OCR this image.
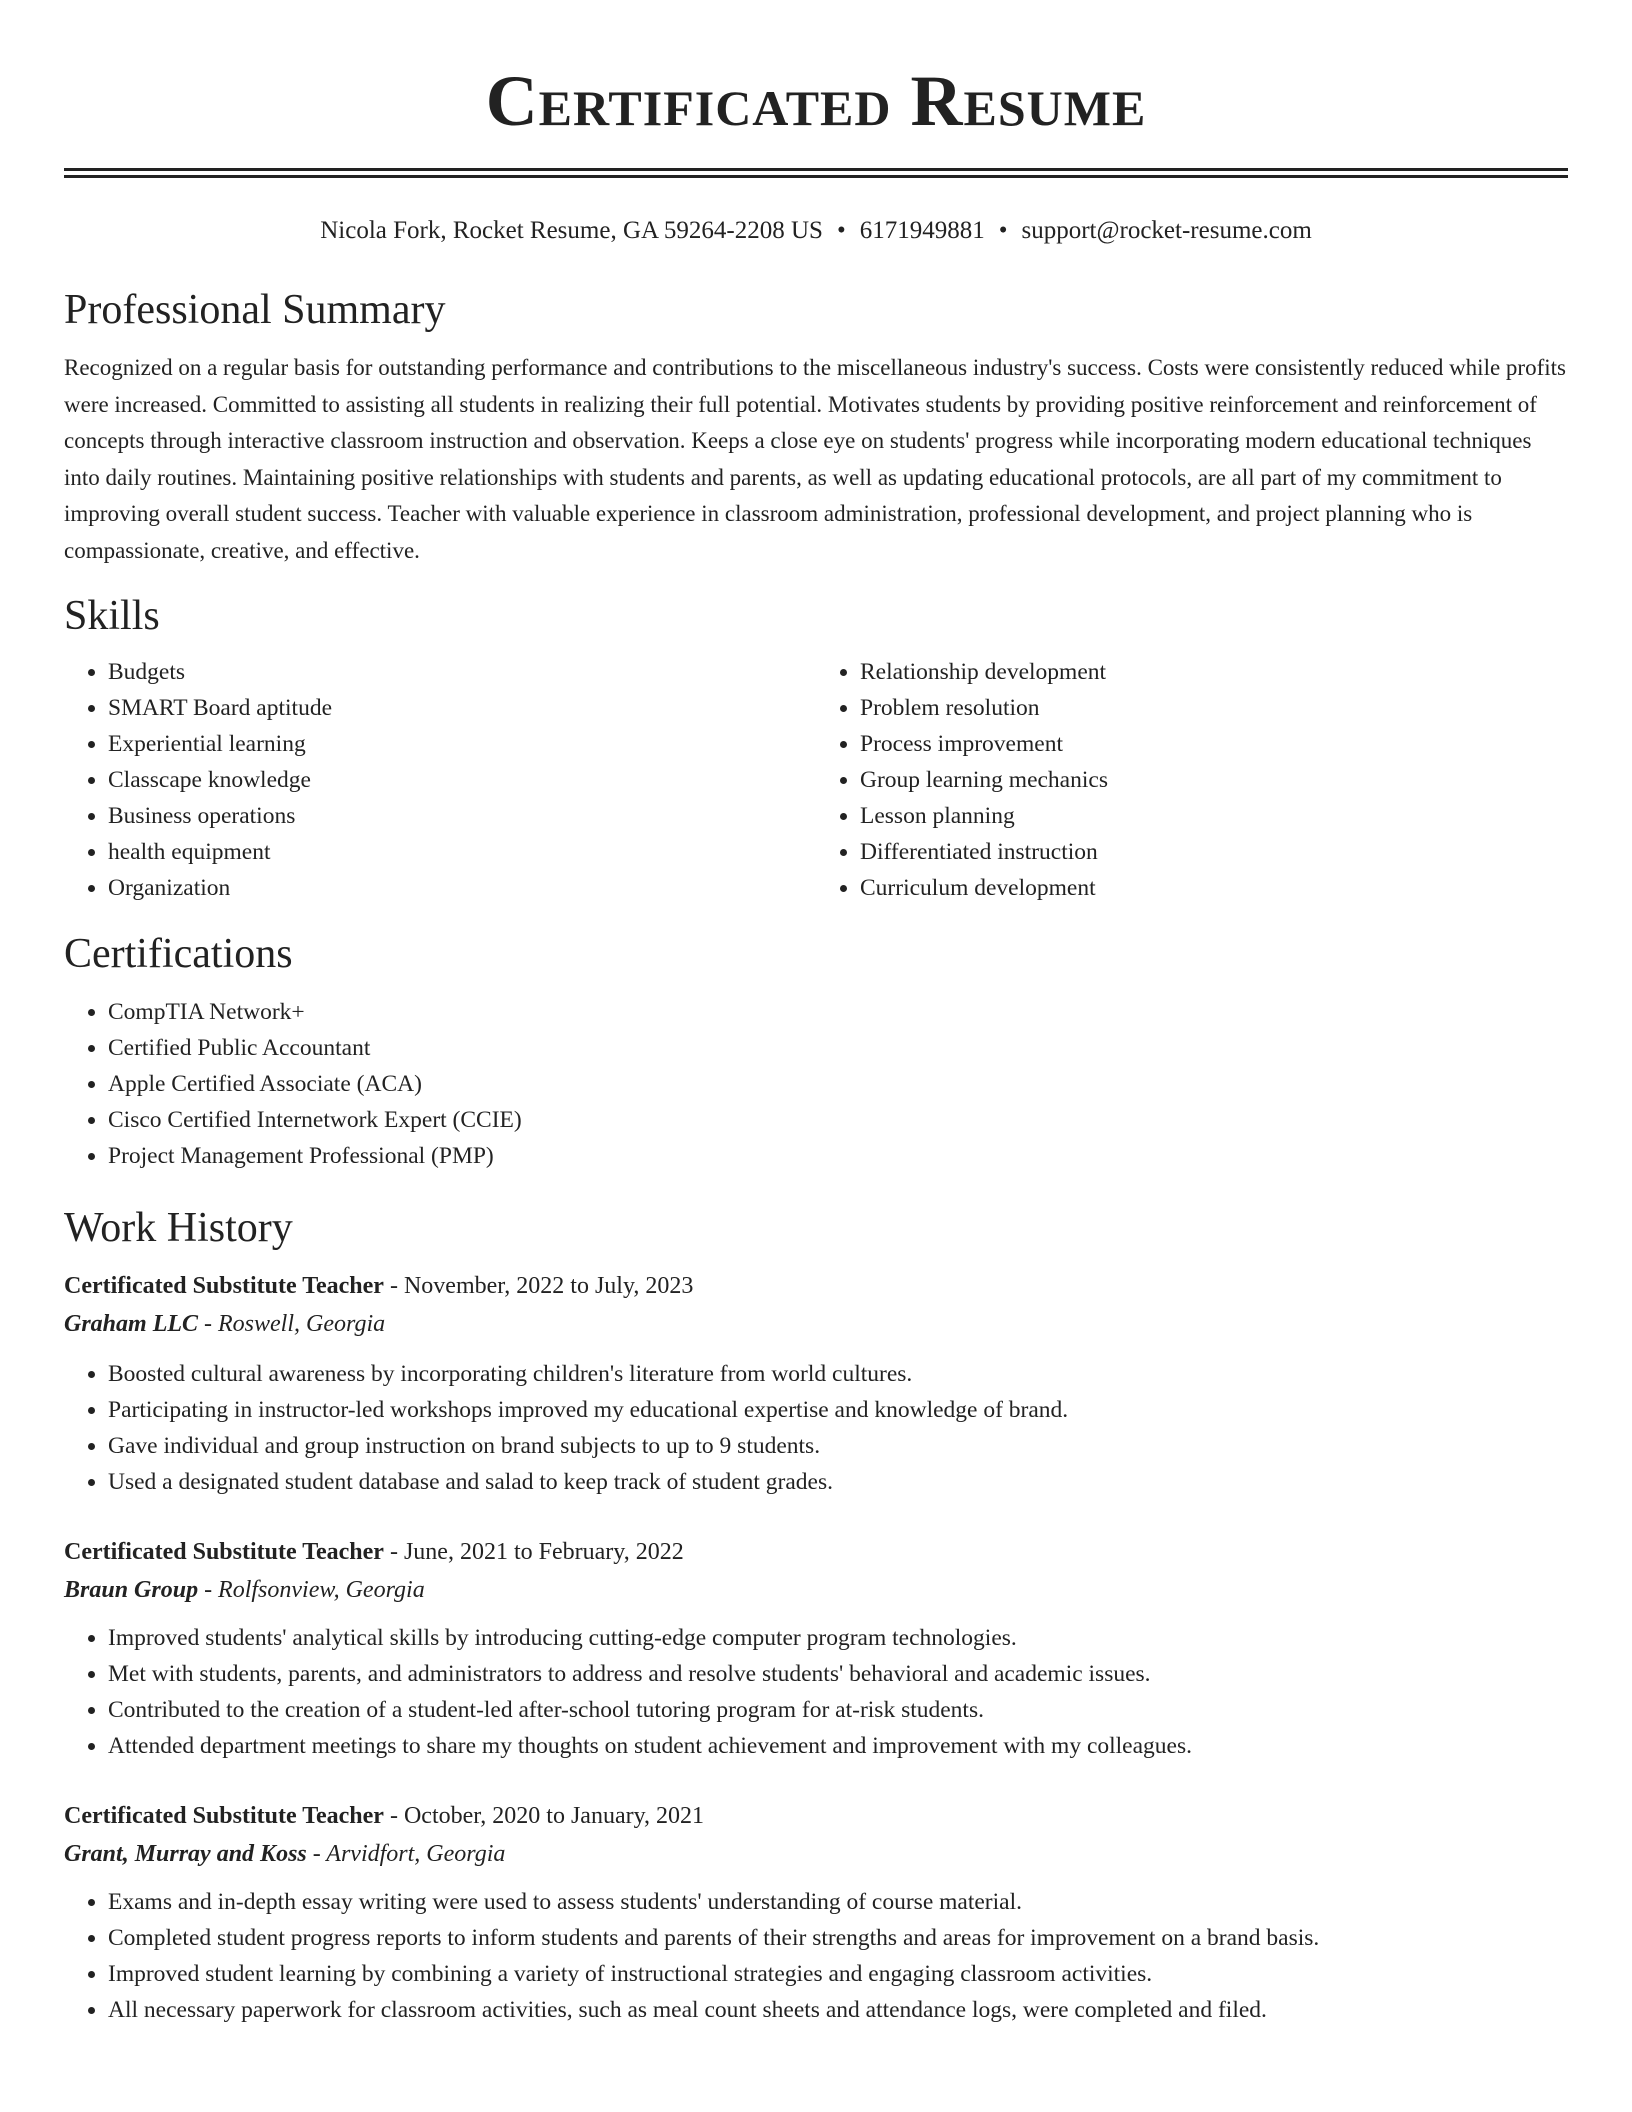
Certificated Resume
Nicola Fork, Rocket Resume, GA 59264-2208 US • 6171949881 • support@rocket-resume.com
Professional Summary

Recognized on a regular basis for outstanding performance and contributions to the miscellaneous industry's success. Costs were consistently reduced while profits were increased. Committed to assisting all students in realizing their full potential. Motivates students by providing positive reinforcement and reinforcement of concepts through interactive classroom instruction and observation. Keeps a close eye on students' progress while incorporating modern educational techniques into daily routines. Maintaining positive relationships with students and parents, as well as updating educational protocols, are all part of my commitment to improving overall student success. Teacher with valuable experience in classroom administration, professional development, and project planning who is compassionate, creative, and effective.

Skills
• Budgets
• SMART Board aptitude
• Experiential learning
• Classcape knowledge
• Business operations
• health equipment
• Organization
• Relationship development
• Problem resolution
• Process improvement
• Group learning mechanics
• Lesson planning
• Differentiated instruction
• Curriculum development
Certifications
• CompTIA Network+
• Certified Public Accountant
• Apple Certified Associate (ACA)
• Cisco Certified Internetwork Expert (CCIE)
• Project Management Professional (PMP)
Work History
Certificated Substitute Teacher - November, 2022 to July, 2023
Graham LLC - Roswell, Georgia
• Boosted cultural awareness by incorporating children's literature from world cultures.
• Participating in instructor-led workshops improved my educational expertise and knowledge of brand.
• Gave individual and group instruction on brand subjects to up to 9 students.
• Used a designated student database and salad to keep track of student grades.
Certificated Substitute Teacher - June, 2021 to February, 2022
Braun Group - Rolfsonview, Georgia
• Improved students' analytical skills by introducing cutting-edge computer program technologies.
• Met with students, parents, and administrators to address and resolve students' behavioral and academic issues.
• Contributed to the creation of a student-led after-school tutoring program for at-risk students.
• Attended department meetings to share my thoughts on student achievement and improvement with my colleagues.
Certificated Substitute Teacher - October, 2020 to January, 2021
Grant, Murray and Koss - Arvidfort, Georgia
• Exams and in-depth essay writing were used to assess students' understanding of course material.
• Completed student progress reports to inform students and parents of their strengths and areas for improvement on a brand basis.
• Improved student learning by combining a variety of instructional strategies and engaging classroom activities.
• All necessary paperwork for classroom activities, such as meal count sheets and attendance logs, were completed and filed.
